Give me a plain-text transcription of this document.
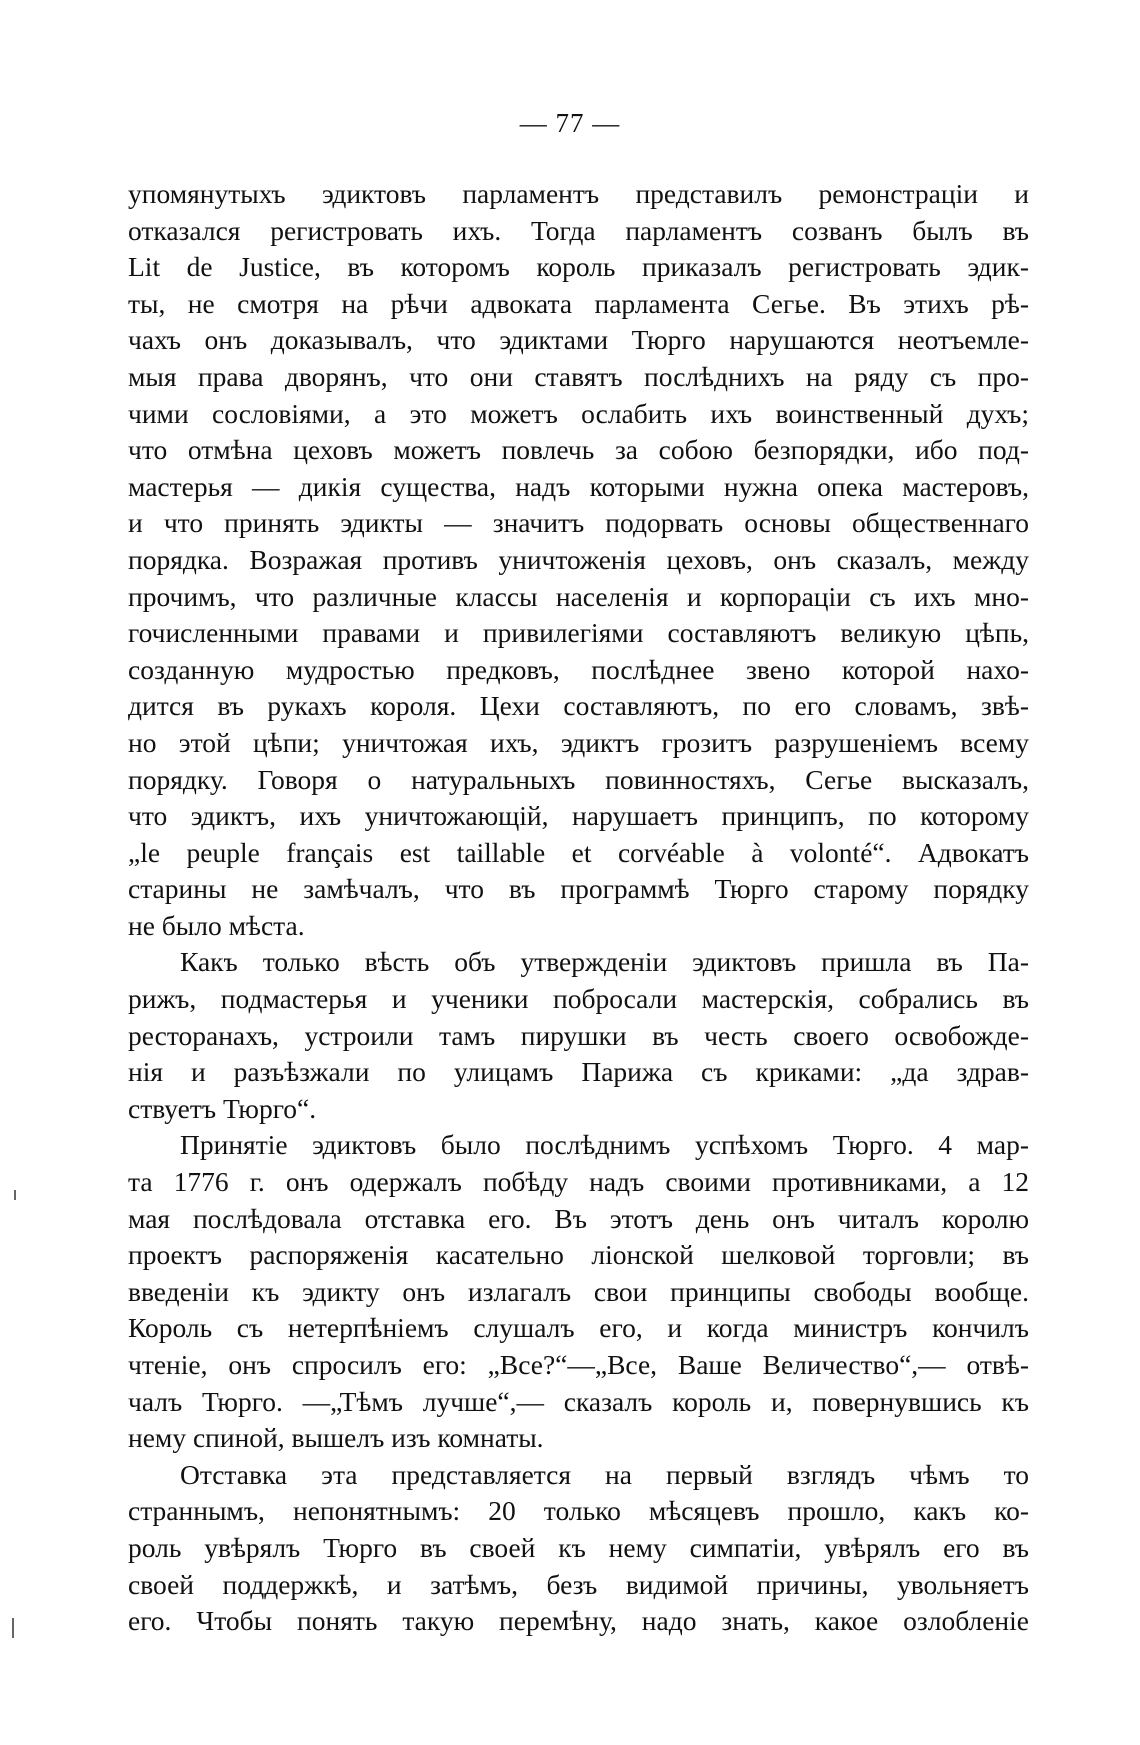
— 77 —
упомянутыхъ эдиктовъ парламентъ представилъ ремонстраціи и
отказался регистровать ихъ. Тогда парламентъ созванъ былъ въ
Lit de Justice, въ которомъ король приказалъ регистровать эдик-
ты, не смотря на рѣчи адвоката парламента Сегье. Въ этихъ рѣ-
чахъ онъ доказывалъ, что эдиктами Тюрго нарушаются неотъемле-
мыя права дворянъ, что они ставятъ послѣднихъ на ряду съ про-
чими сословіями, а это можетъ ослабить ихъ воинственный духъ;
что отмѣна цеховъ можетъ повлечь за собою безпорядки, ибо под-
мастерья — дикія существа, надъ которыми нужна опека мастеровъ,
и что принять эдикты — значитъ подорвать основы общественнаго
порядка. Возражая противъ уничтоженія цеховъ, онъ сказалъ, между
прочимъ, что различные классы населенія и корпораціи съ ихъ мно-
гочисленными правами и привилегіями составляютъ великую цѣпь,
созданную мудростью предковъ, послѣднее звено которой нахо-
дится въ рукахъ короля. Цехи составляютъ, по его словамъ, звѣ-
но этой цѣпи; уничтожая ихъ, эдиктъ грозитъ разрушеніемъ всему
порядку. Говоря о натуральныхъ повинностяхъ, Сегье высказалъ,
что эдиктъ, ихъ уничтожающій, нарушаетъ принципъ, по которому
„le peuple français est taillable et corvéable à volonté“. Адвокатъ
старины не замѣчалъ, что въ программѣ Тюрго старому порядку
не было мѣста.
Какъ только вѣсть объ утвержденіи эдиктовъ пришла въ Па-
рижъ, подмастерья и ученики побросали мастерскія, собрались въ
ресторанахъ, устроили тамъ пирушки въ честь своего освобожде-
нія и разъѣзжали по улицамъ Парижа съ криками: „да здрав-
ствуетъ Тюрго“.
Принятіе эдиктовъ было послѣднимъ успѣхомъ Тюрго. 4 мар-
та 1776 г. онъ одержалъ побѣду надъ своими противниками, а 12
мая послѣдовала отставка его. Въ этотъ день онъ читалъ королю
проектъ распоряженія касательно ліонской шелковой торговли; въ
введеніи къ эдикту онъ излагалъ свои принципы свободы вообще.
Король съ нетерпѣніемъ слушалъ его, и когда министръ кончилъ
чтеніе, онъ спросилъ его: „Все?“—„Все, Ваше Величество“,— отвѣ-
чалъ Тюрго. —„Тѣмъ лучше“,— сказалъ король и, повернувшись къ
нему спиной, вышелъ изъ комнаты.
Отставка эта представляется на первый взглядъ чѣмъ то
страннымъ, непонятнымъ: 20 только мѣсяцевъ прошло, какъ ко-
роль увѣрялъ Тюрго въ своей къ нему симпатіи, увѣрялъ его въ
своей поддержкѣ, и затѣмъ, безъ видимой причины, увольняетъ
его. Чтобы понять такую перемѣну, надо знать, какое озлобленіе
